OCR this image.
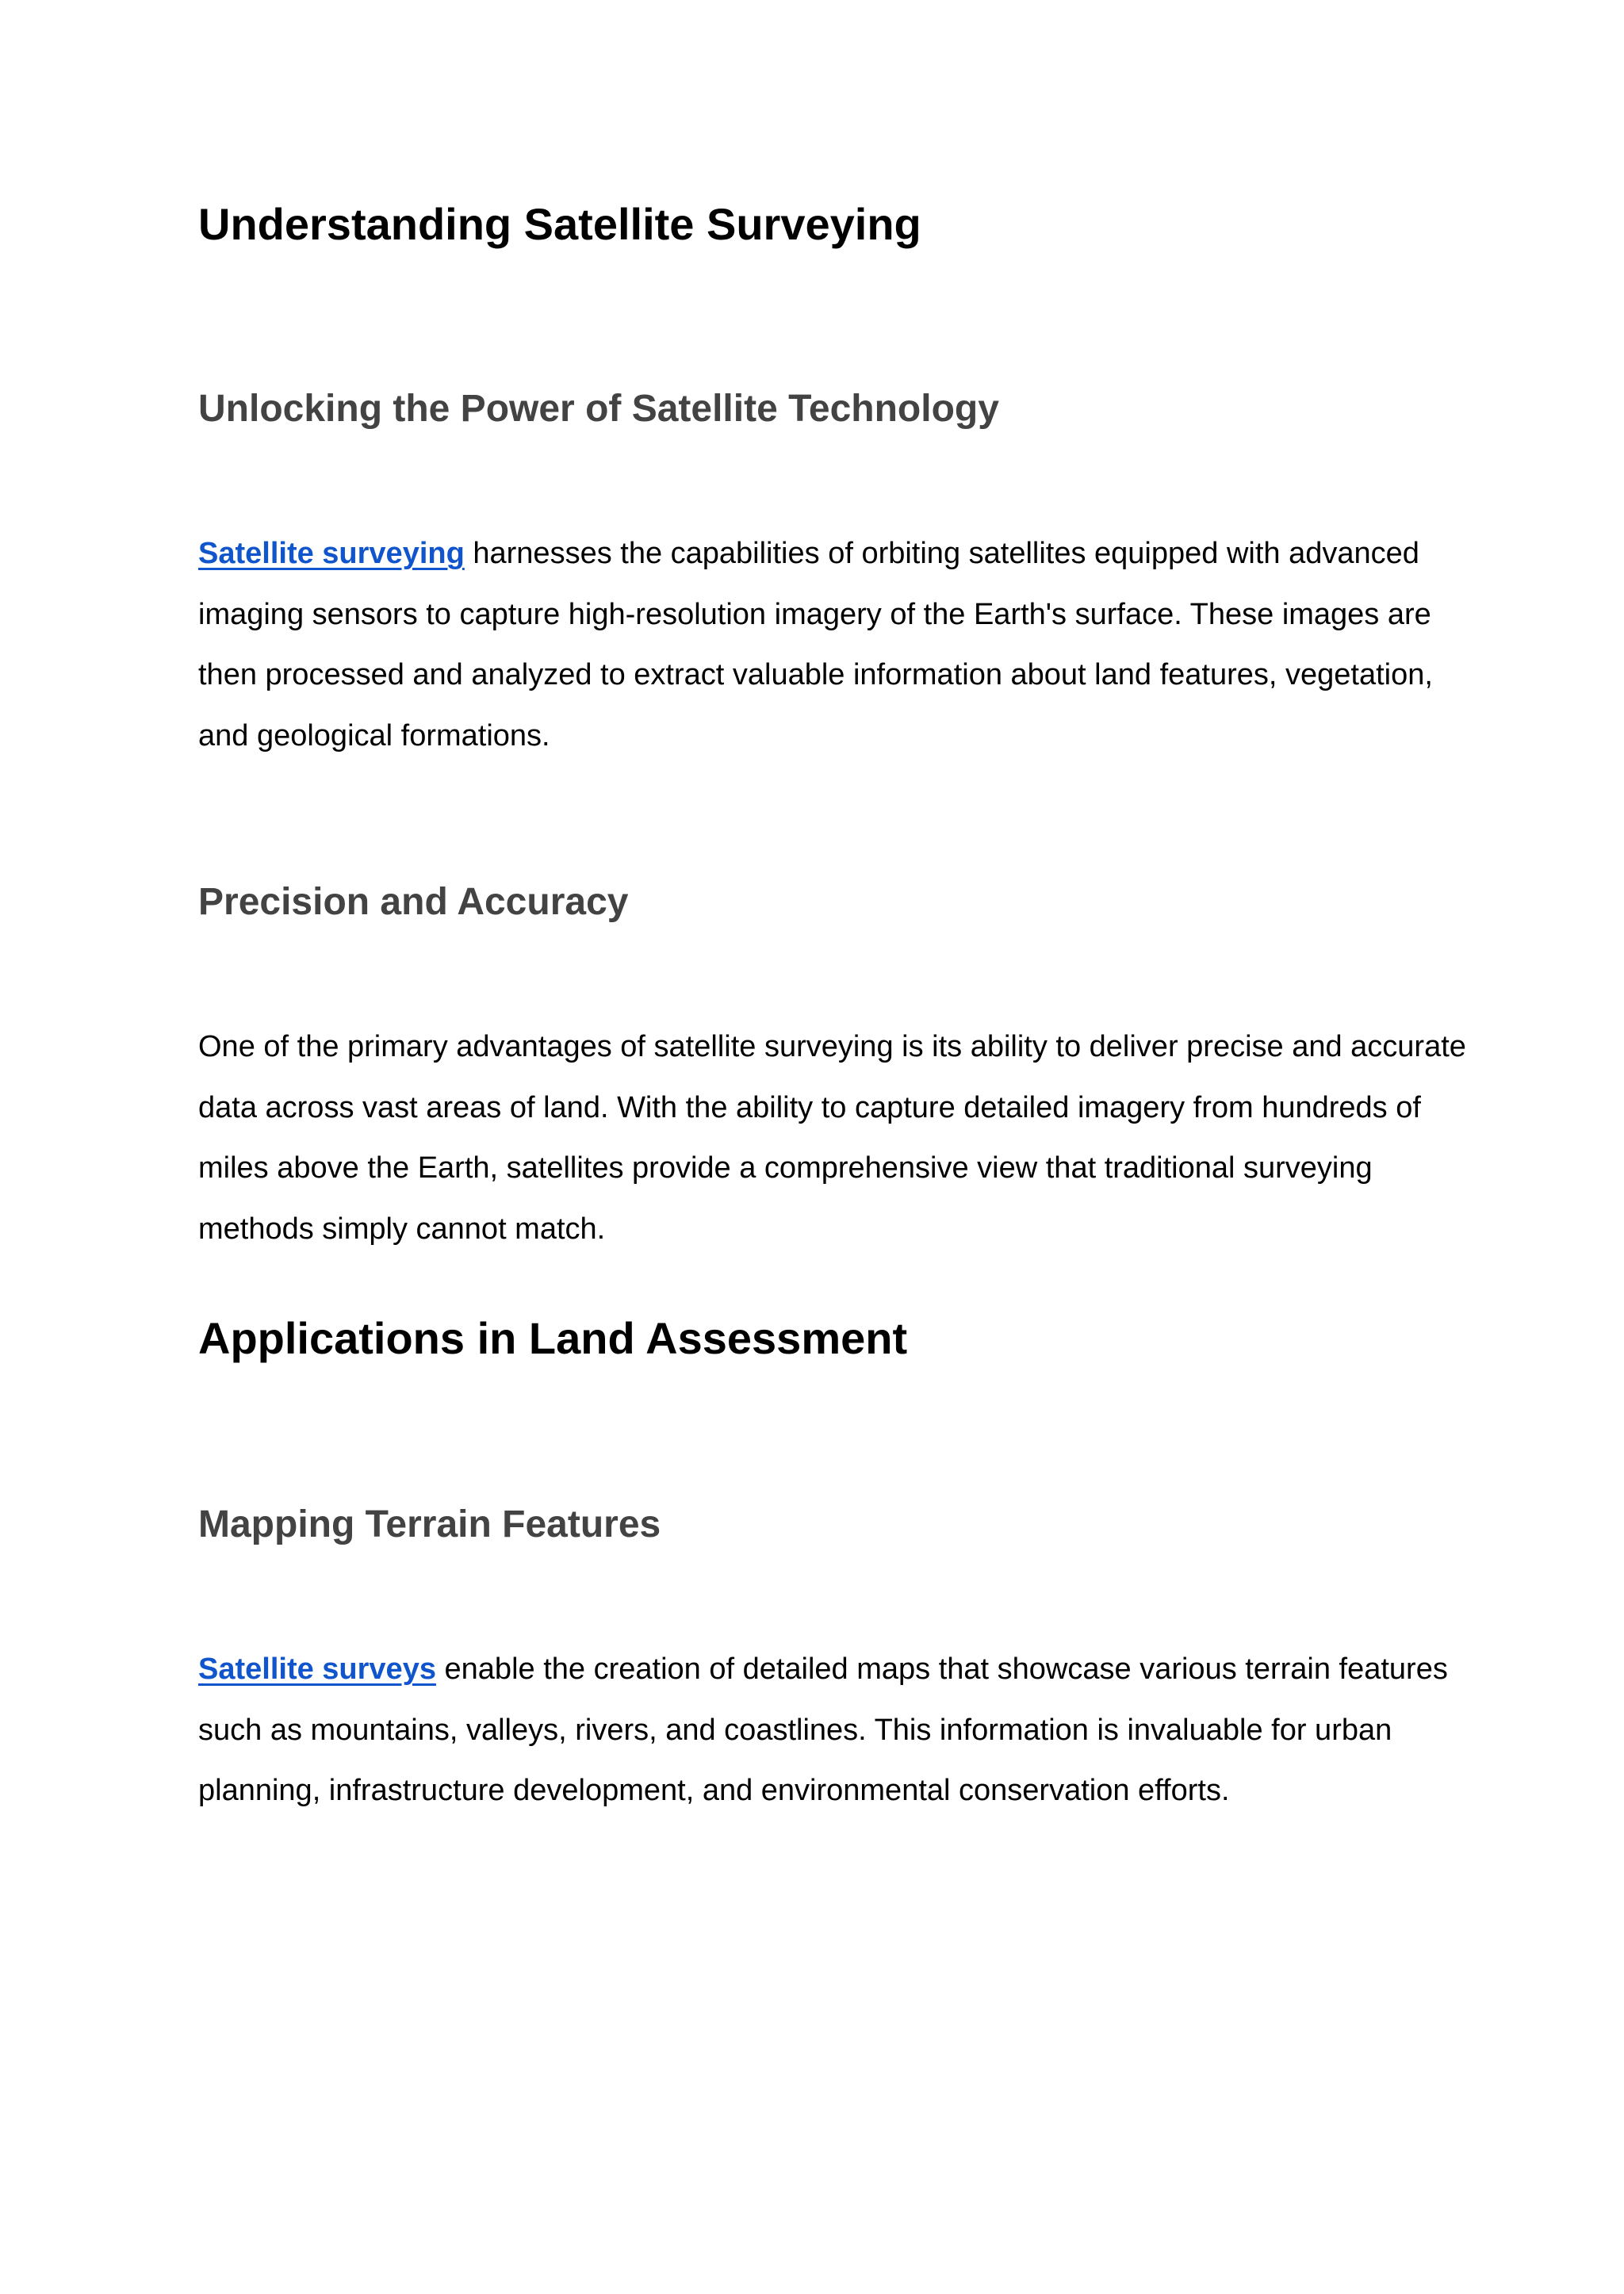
Understanding Satellite Surveying
Unlocking the Power of Satellite Technology

Satellite surveying harnesses the capabilities of orbiting satellites equipped with advanced imaging sensors to capture high-resolution imagery of the Earth's surface. These images are then processed and analyzed to extract valuable information about land features, vegetation, and geological formations.

Precision and Accuracy

One of the primary advantages of satellite surveying is its ability to deliver precise and accurate data across vast areas of land. With the ability to capture detailed imagery from hundreds of miles above the Earth, satellites provide a comprehensive view that traditional surveying methods simply cannot match.

Applications in Land Assessment
Mapping Terrain Features

Satellite surveys enable the creation of detailed maps that showcase various terrain features such as mountains, valleys, rivers, and coastlines. This information is invaluable for urban planning, infrastructure development, and environmental conservation efforts.
